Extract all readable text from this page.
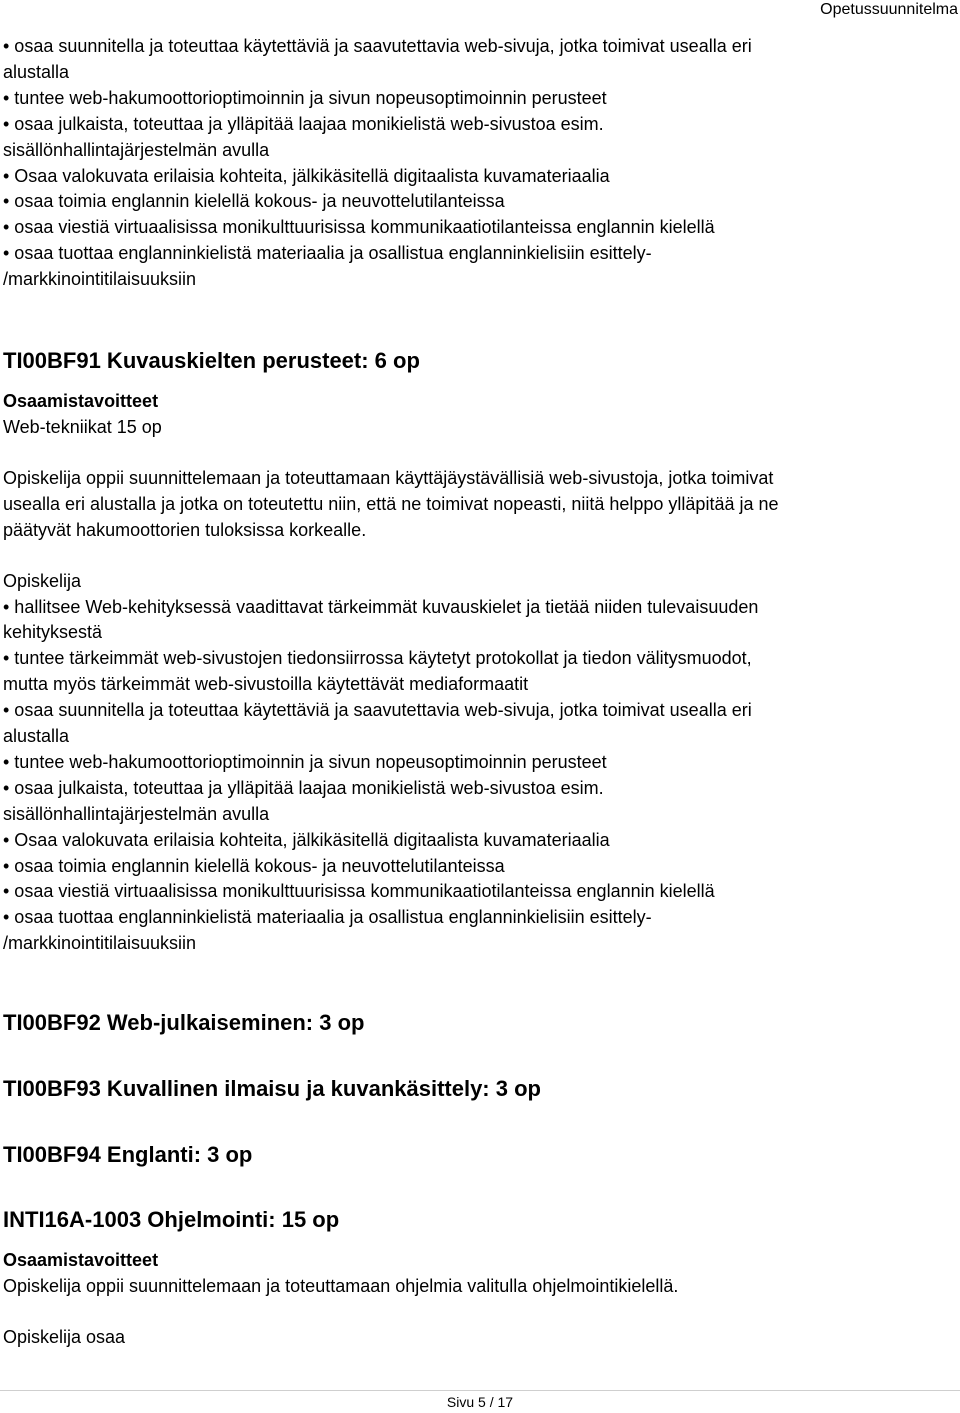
Opetussuunnitelma

• osaa suunnitella ja toteuttaa käytettäviä ja saavutettavia web-sivuja, jotka toimivat usealla eri

alustalla

• tuntee web-hakumoottorioptimoinnin ja sivun nopeusoptimoinnin perusteet

• osaa julkaista, toteuttaa ja ylläpitää laajaa monikielistä web-sivustoa esim.

sisällönhallintajärjestelmän avulla

• Osaa valokuvata erilaisia kohteita, jälkikäsitellä digitaalista kuvamateriaalia

• osaa toimia englannin kielellä kokous- ja neuvottelutilanteissa

• osaa viestiä virtuaalisissa monikulttuurisissa kommunikaatiotilanteissa englannin kielellä

• osaa tuottaa englanninkielistä materiaalia ja osallistua englanninkielisiin esittely-

/markkinointitilaisuuksiin

TI00BF91 Kuvauskielten perusteet: 6 op

Osaamistavoitteet

Web-tekniikat 15 op

Opiskelija oppii suunnittelemaan ja toteuttamaan käyttäjäystävällisiä web-sivustoja, jotka toimivat

usealla eri alustalla ja jotka on toteutettu niin, että ne toimivat nopeasti, niitä helppo ylläpitää ja ne

päätyvät hakumoottorien tuloksissa korkealle.

Opiskelija

• hallitsee Web-kehityksessä vaadittavat tärkeimmät kuvauskielet ja tietää niiden tulevaisuuden

kehityksestä

• tuntee tärkeimmät web-sivustojen tiedonsiirrossa käytetyt protokollat ja tiedon välitysmuodot,

mutta myös tärkeimmät web-sivustoilla käytettävät mediaformaatit

• osaa suunnitella ja toteuttaa käytettäviä ja saavutettavia web-sivuja, jotka toimivat usealla eri

alustalla

• tuntee web-hakumoottorioptimoinnin ja sivun nopeusoptimoinnin perusteet

• osaa julkaista, toteuttaa ja ylläpitää laajaa monikielistä web-sivustoa esim.

sisällönhallintajärjestelmän avulla

• Osaa valokuvata erilaisia kohteita, jälkikäsitellä digitaalista kuvamateriaalia

• osaa toimia englannin kielellä kokous- ja neuvottelutilanteissa

• osaa viestiä virtuaalisissa monikulttuurisissa kommunikaatiotilanteissa englannin kielellä

• osaa tuottaa englanninkielistä materiaalia ja osallistua englanninkielisiin esittely-

/markkinointitilaisuuksiin

TI00BF92 Web-julkaiseminen: 3 op
TI00BF93 Kuvallinen ilmaisu ja kuvankäsittely: 3 op
TI00BF94 Englanti: 3 op
INTI16A-1003 Ohjelmointi: 15 op

Osaamistavoitteet

Opiskelija oppii suunnittelemaan ja toteuttamaan ohjelmia valitulla ohjelmointikielellä.

Opiskelija osaa

Sivu 5 / 17
